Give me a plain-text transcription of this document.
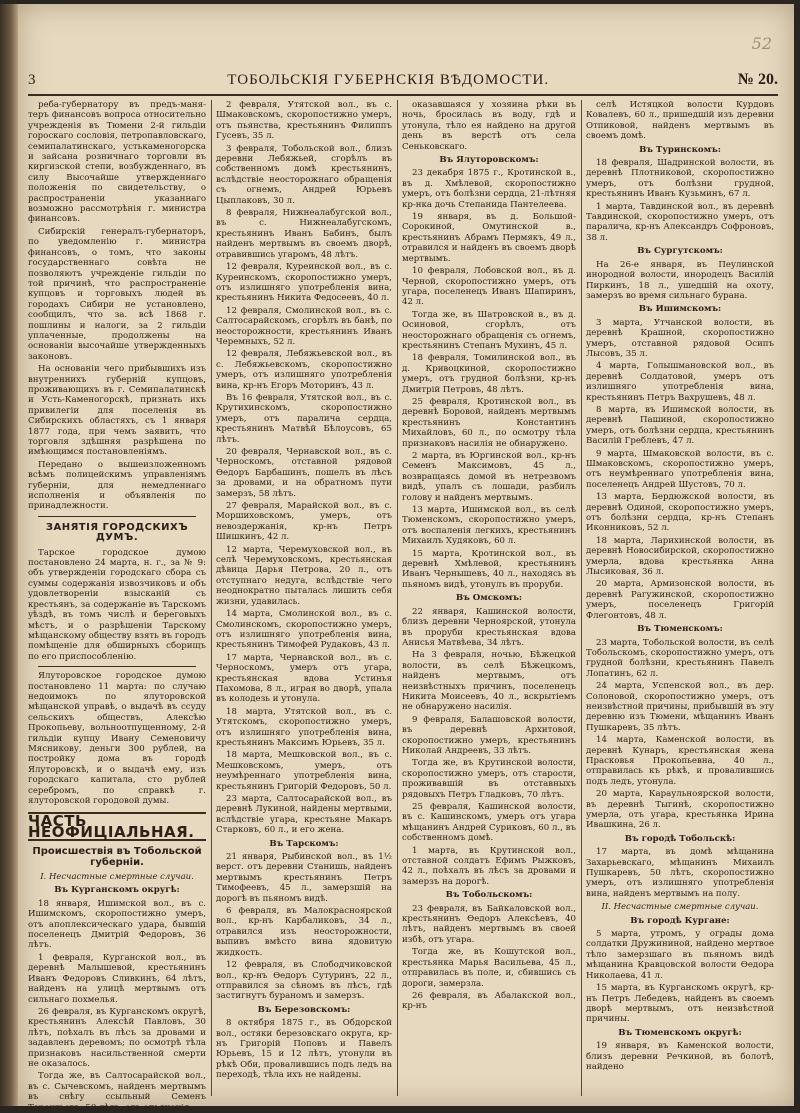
52
3	ТОБОЛЬСКIЯ ГУБЕРНСКIЯ ВѢДОМОСТИ.	№ 20.

реба-губернатору въ предъ-маня-теръ финансовъ вопроса относительно учрежденія въ Тюмени 2-й гильдіи гороскаго сословія, петропавловскаго, семипалатинскаго, устькаменогорска и зайсана розничнаго торговли въ киргизской степи, возбужденнаго, въ силу Высочайше утвержденнаго положенія по свидетельству, о распространеніи указаннаго возможно рассмотрѣнія г. министра финансовъ.

Сибирскій генералъ-губернаторъ, по уведомленію г. министра финансовъ, о томъ, что законы государственнаго совѣта не позволяютъ учрежденіе гильдіи по той причинѣ, что распространеніе купцовъ и торговыхъ людей въ городахъ Сибири не установлено, сообщилъ, что за. всѣ 1868 г. пошлины и налоги, за 2 гильдіи уплаченные, продолжены на основаніи высочайше утвержденныхъ законовъ.

На основаніи чего прибывшихъ изъ внутреннихъ губерній купцовъ, проживающихъ въ г. Семипалатинскѣ и Усть-Каменогорскѣ, признать ихъ привилегіи для поселенія въ Сибирскихъ областяхъ, съ 1 января 1877 года, при чемъ заявить, что торговля здѣшняя разрѣшена по имѣющимся постановленіямъ.

Передано о вышеизложенномъ всѣмъ полицейскимъ управленіямъ губерніи, для немедленнаго исполненія и объявленія по принадлежности.

ЗАНЯТІЯ ГОРОДСКИХЪ ДУМЪ.

Тарское городское думою постановлено 24 марта, н. г., за № 9: объ утвержденіи городскаго сбора съ суммы содержанія извозчиковъ и объ удовлетвореніи взысканій съ крестьянъ, за содержаніе въ Тарскомъ уѣздѣ, въ томъ числѣ и береговыхъ мѣстъ, и о разрѣшеніи Тарскому мѣщанскому обществу взять въ городъ помѣщеніе для обширныхъ сборищъ по его приспособленію.

Ялуторовское городское думою постановлено 11 марта: по случаю недоимокъ по ялуторовской мѣщанской управѣ, о выдачѣ въ ссуду сельскихъ обществъ, Алексѣю Прокопьеву, вольноотпущенному, 2-й гильдіи купцу Ивану Семеновичу Мясникову, деньги 300 рублей, на постройку дома въ городѣ Ялуторовскѣ, и о выдачѣ ему, изъ городскаго капитала, сто рублей серебромъ, по справкѣ г. ялуторовской городовой думы.

ЧАСТЬ НЕОФИЦІАЛЬНАЯ.
Происшествія въ Тобольской губерніи.
I. Несчастные смертные случаи.
Въ Курганскомъ округѣ:

18 января, Ишимской вол., въ с. Ишимскомъ, скоропостижно умеръ, отъ апоплексическаго удара, бывшій поселенецъ Дмитрій Федоровъ, 36 лѣтъ.

1 февраля, Курганской вол., въ деревнѣ Малышевой, крестьянинъ Иванъ Федоровъ Сливкинъ, 64 лѣтъ, найденъ на улицѣ мертвымъ отъ сильнаго похмелья.

26 февраля, въ Курганскомъ округѣ, крестьянинъ Алексѣй Павловъ, 30 лѣтъ, поѣхалъ въ лѣсъ за дровами и задавленъ деревомъ; по осмотрѣ тѣла признаковъ насильственной смерти не оказалось.

Тогда же, въ Салтосарайской вол., въ с. Сычевскомъ, найденъ мертвымъ въ снѣгу ссыльный Семенъ Терентьевъ, 50 лѣтъ, отъ опьяненія.

2 февраля, Утятской вол., въ с. Шмаковскомъ, скоропостижно умеръ, отъ пьянства, крестьянинъ Филиппъ Гусевъ, 35 л.

3 февраля, Тобольской вол., близъ деревни Лебяжьей, сгорѣлъ въ собственномъ домѣ крестьянинъ, вслѣдствіе неосторожнаго обращенія съ огнемъ, Андрей Юрьевъ Цыплаковъ, 30 л.

8 февраля, Нижнеалабугской вол., въ с. Нижнеалабугскомъ, крестьянинъ Иванъ Бабинъ, былъ найденъ мертвымъ въ своемъ дворѣ, отравившись угаромъ, 48 лѣтъ.

12 февраля, Куреинской вол., въ с. Куреинскомъ, скоропостижно умеръ, отъ излишняго употребленія вина, крестьянинъ Никита Федосеевъ, 40 л.

12 февраля, Смолинской вол., въ с. Салтосарайскомъ, сгорѣлъ въ банѣ, по неосторожности, крестьянинъ Иванъ Черемныхъ, 52 л.

12 февраля, Лебяжьевской вол., въ с. Лебяжьевскомъ, скоропостижно умеръ, отъ излишняго употребленія вина, кр-нъ Егоръ Моторинъ, 43 л.

Въ 16 февраля, Утятской вол., въ с. Крутихинскомъ, скоропостижно умеръ, отъ паралича сердца, крестьянинъ Матвѣй Бѣлоусовъ, 65 лѣтъ.

20 февраля, Чернавской вол., въ с. Черноскомъ, отставной рядовой Ѳедоръ Барбашинъ, пошелъ въ лѣсъ за дровами, и на обратномъ пути замерзъ, 58 лѣтъ.

27 февраля, Марайской вол., въ с. Моршиховскомъ, умеръ, отъ невоздержанія, кр-нъ Петръ Шишкинъ, 42 л.

12 марта, Черемуховской вол., въ селѣ Черемуховскомъ, крестьянская дѣвица Дарья Петрова, 20 л., отъ отступнаго недуга, вслѣдствіе чего неоднократно пыталась лишить себя жизни, удавилась.

14 марта, Смолинской вол., въ с. Смолинскомъ, скоропостижно умеръ, отъ излишняго употребленія вина, крестьянинъ Тимофей Рудаковъ, 43 л.

17 марта, Чернавской вол., въ с. Черноскомъ, умеръ отъ угара, крестьянская вдова Устинья Пахомова, 8 л., играя во дворѣ, упала въ колодезь и утонула.

18 марта, Утятской вол., въ с. Утятскомъ, скоропостижно умеръ, отъ излишняго употребленія вина, крестьянинъ Максимъ Юрьевъ, 35 л.

18 марта, Мешковской вол., въ с. Мешковскомъ, умеръ, отъ неумѣреннаго употребленія вина, крестьянинъ Григорій Федоровъ, 50 л.

23 марта, Салтосарайской вол., въ деревнѣ Лукиной, найдены мертвыми, вслѣдствіе угара, крестьяне Макаръ Старковъ, 60 л., и его жена.

Въ Тарскомъ:

21 января, Рыбинской вол., въ 1½ верст. отъ деревни Станишь, найденъ мертвымъ крестьянинъ Петръ Тимофеевъ, 45 л., замерзшій на дорогѣ въ пьяномъ видѣ.

6 февраля, въ Малокрасноярской вол., кр-нъ Карбаликовъ, 34 л., отравился изъ неосторожности, выпивъ вмѣсто вина ядовитую жидкость.

12 февраля, въ Слободчиковской вол., кр-нъ Ѳедоръ Сутуринъ, 22 л., отправился за сѣномъ въ лѣсъ, гдѣ застигнутъ бураномъ и замерзъ.

Въ Березовскомъ:

8 октября 1875 г., въ Обдорской вол., остяки березовскаго округа, кр-нъ Григорій Поповъ и Павелъ Юрьевъ, 15 и 12 лѣтъ, утонули въ рѣкѣ Оби, провалившись подъ ледъ на переходѣ, тѣла ихъ не найдены.

оказавшаяся у хозяина рѣки въ ночь, бросилась въ воду, гдѣ и утонула, тѣло ея найдено на другой день въ верстѣ отъ села Сеньковскаго.

Въ Ялуторовскомъ:

23 декабря 1875 г., Кротинской в., въ д. Хмѣлевой, скоропостижно умеръ, отъ болѣзни сердца, 21-лѣтняя кр-нка дочь Степанида Пантелеева.

19 января, въ д. Большой-Сорокиной, Омутинской в., крестьянинъ Абрамъ Пермякъ, 49 л., отравился и найденъ въ своемъ дворѣ мертвымъ.

10 февраля, Лобовской вол., въ д. Черной, скоропостижно умеръ, отъ угара, поселенецъ Иванъ Шапиринъ, 42 л.

Тогда же, въ Шатровской в., въ д. Осиновой, сгорѣлъ, отъ неосторожнаго обращенія съ огнемъ, крестьянинъ Степанъ Мухинъ, 45 л.

18 февраля, Томилинской вол., въ д. Кривоцкиной, скоропостижно умеръ, отъ грудной болѣзни, кр-нъ Дмитрій Петровъ, 48 лѣтъ.

25 февраля, Кротинской вол., въ деревнѣ Боровой, найденъ мертвымъ крестьянинъ Константинъ Михайловъ, 60 л., по осмотру тѣла признаковъ насилія не обнаружено.

2 марта, въ Юргинской вол., кр-нъ Семенъ Максимовъ, 45 л., возвращаясь домой въ нетрезвомъ видѣ, упалъ съ лошади, разбилъ голову и найденъ мертвымъ.

13 марта, Ишимской вол., въ селѣ Тюменскомъ, скоропостижно умеръ, отъ воспаленія легкихъ, крестьянинъ Михаилъ Худяковъ, 60 л.

15 марта, Кротинской вол., въ деревнѣ Хмѣлевой, крестьянинъ Иванъ Чернышевъ, 40 л., находясь въ пьяномъ видѣ, утонулъ въ проруби.

Въ Омскомъ:

22 января, Кашинской волости, близъ деревни Черноярской, утонула въ проруби крестьянская вдова Анисья Матвѣева, 34 лѣтъ.

На 3 февраля, ночью, Бѣжецкой волости, въ селѣ Бѣжецкомъ, найденъ мертвымъ, отъ неизвѣстныхъ причинъ, поселенецъ Никита Моисеевъ, 40 л., вскрытіемъ не обнаружено насилія.

9 февраля, Балашовской волости, въ деревнѣ Архитовой, скоропостижно умеръ, крестьянинъ Николай Андреевъ, 33 лѣтъ.

Тогда же, въ Крутинской волости, скоропостижно умеръ, отъ старости, проживавшій въ отставныхъ рядовыхъ Петръ Гладковъ, 70 лѣтъ.

25 февраля, Кашинской волости, въ с. Кашинскомъ, умеръ отъ угара мѣщанинъ Андрей Суриковъ, 60 л., въ собственномъ домѣ.

1 марта, въ Крутинской вол., отставной солдатъ Ефимъ Рыжковъ, 42 л., поѣхалъ въ лѣсъ за дровами и замерзъ на дорогѣ.

Въ Тобольскомъ:

23 февраля, въ Байкаловской вол., крестьянинъ Ѳедоръ Алексѣевъ, 40 лѣтъ, найденъ мертвымъ въ своей избѣ, отъ угара.

Тогда же, въ Кошутской вол., крестьянка Марья Васильева, 45 л., отправилась въ поле, и, сбившись съ дороги, замерзла.

26 февраля, въ Абалакской вол., кр-нъ

селѣ Истяцкой волости Курдовъ Ковалевъ, 60 л., пришедшій изъ деревни Отпиковой, найденъ мертвымъ въ своемъ домѣ.

Въ Туринскомъ:

18 февраля, Шадринской волости, въ деревнѣ Плотниковой, скоропостижно умеръ, отъ болѣзни грудной, крестьянинъ Иванъ Кузьминъ, 67 л.

1 марта, Тавдинской вол., въ деревнѣ Тавдинской, скоропостижно умеръ, отъ паралича, кр-нъ Александръ Софроновъ, 38 л.

Въ Сургутскомъ:

На 26-е января, въ Пеулинской инородной волости, инородецъ Василій Пиркинъ, 18 л., ушедшій на охоту, замерзъ во время сильнаго бурана.

Въ Ишимскомъ:

3 марта, Утчанской волости, въ деревнѣ Крашной, скоропостижно умеръ, отставной рядовой Осипъ Лысовъ, 35 л.

4 марта, Голышмановской вол., въ деревнѣ Солдатовой, умеръ отъ излишняго употребленія вина, крестьянинъ Петръ Вахрушевъ, 48 л.

8 марта, въ Ишимской волости, въ деревнѣ Пашиной, скоропостижно умеръ, отъ болѣзни сердца, крестьянинъ Василій Греблевъ, 47 л.

9 марта, Шмаковской волости, въ с. Шмаковскомъ, скоропостижно умеръ, отъ неумѣреннаго употребленія вина, поселенецъ Андрей Шустовъ, 70 л.

13 марта, Бердюжской волости, въ деревнѣ Одиной, скоропостижно умеръ, отъ болѣзни сердца, кр-нъ Степанъ Иконниковъ, 52 л.

18 марта, Ларихинской волости, въ деревнѣ Новосибирской, скоропостижно умерла, вдова крестьянка Анна Лысиковая, 36 л.

20 марта, Армизонской волости, въ деревнѣ Рагужинской, скоропостижно умеръ, поселенецъ Григорій Флегонтовъ, 48 л.

Въ Тюменскомъ:

23 марта, Тобольской волости, въ селѣ Тобольскомъ, скоропостижно умеръ, отъ грудной болѣзни, крестьянинъ Павелъ Лопатинъ, 62 л.

24 марта, Успенской вол., въ дер. Солоновой, скоропостижно умеръ, отъ неизвѣстной причины, прибывшій въ эту деревню изъ Тюмени, мѣщанинъ Иванъ Пушкаревъ, 35 лѣтъ.

14 марта, Каменской волости, въ деревнѣ Кунаръ, крестьянская жена Прасковья Прокопьевна, 40 л., отправилась къ рѣкѣ, и провалившись подъ ледъ, утонула.

20 марта, Караульноярской волости, въ деревнѣ Тыгинѣ, скоропостижно умерла, отъ угара, крестьянка Ирина Ивашкина, 26 л.

Въ городѣ Тобольскѣ:

17 марта, въ домѣ мѣщанина Захарьевскаго, мѣщанинъ Михаилъ Пушкаревъ, 50 лѣтъ, скоропостижно умеръ, отъ излишняго употребленія вина, найденъ мертвымъ на полу.

II. Несчастные смертные случаи.
Въ городѣ Кургане:

5 марта, утромъ, у ограды дома солдатки Дружининой, найдено мертвое тѣло замерзшаго въ пьяномъ видѣ мѣщанина Кравцовской волости Ѳедора Николаева, 41 л.

15 марта, въ Курганскомъ округѣ, кр-нъ Петръ Лебедевъ, найденъ въ своемъ дворѣ мертвымъ, отъ неизвѣстной причины.

Въ Тюменскомъ округѣ:

19 января, въ Каменской волости, близъ деревни Речкиной, въ болотѣ, найдено
